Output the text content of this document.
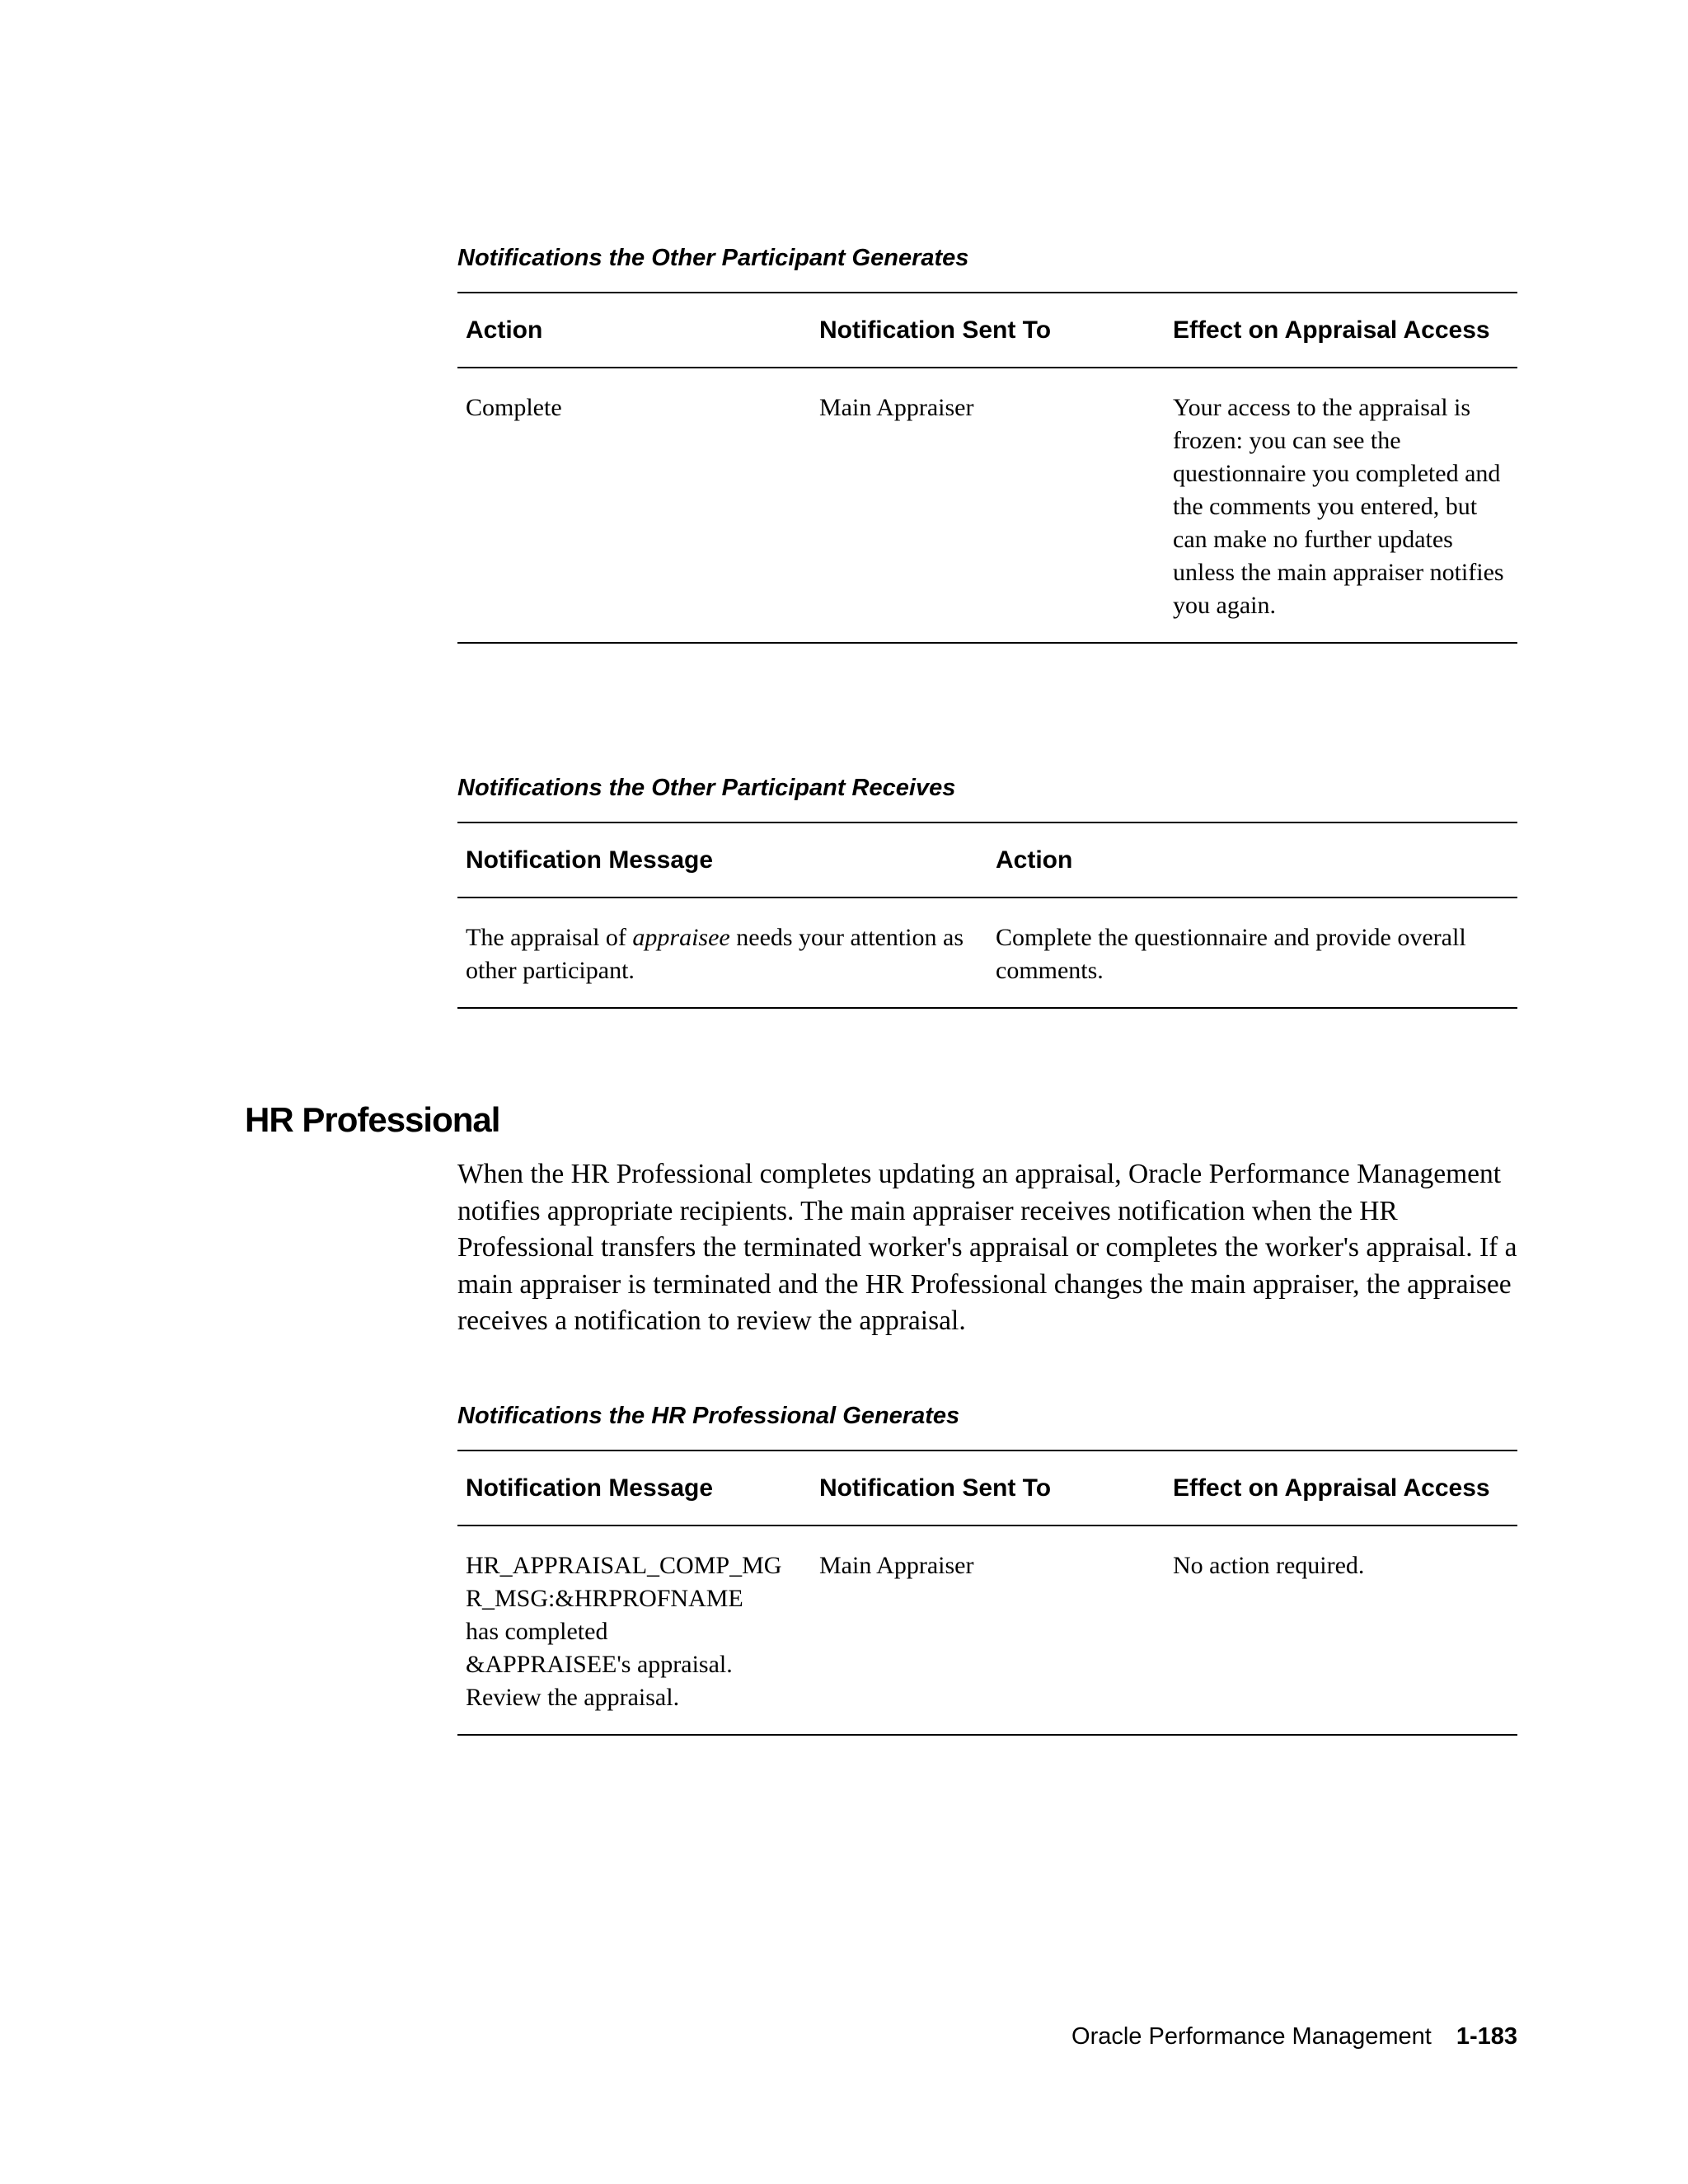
Notifications the Other Participant Generates

Action	Notification Sent To	Effect on Appraisal Access
Complete	Main Appraiser	Your access to the appraisal is frozen: you can see the questionnaire you completed and the comments you entered, but can make no further updates unless the main appraiser notifies you again.

Notifications the Other Participant Receives

Notification Message	Action
The appraisal of appraisee needs your attention as other participant.	Complete the questionnaire and provide overall comments.
HR Professional

When the HR Professional completes updating an appraisal, Oracle Performance Management notifies appropriate recipients. The main appraiser receives notification when the HR Professional transfers the terminated worker's appraisal or completes the worker's appraisal. If a main appraiser is terminated and the HR Professional changes the main appraiser, the appraisee receives a notification to review the appraisal.

Notifications the HR Professional Generates

Notification Message	Notification Sent To	Effect on Appraisal Access

HR_APPRAISAL_COMP_MG
R_MSG:&HRPROFNAME
has completed
&APPRAISEE's appraisal.
Review the appraisal.	Main Appraiser	No action required.
Oracle Performance Management 1-183
